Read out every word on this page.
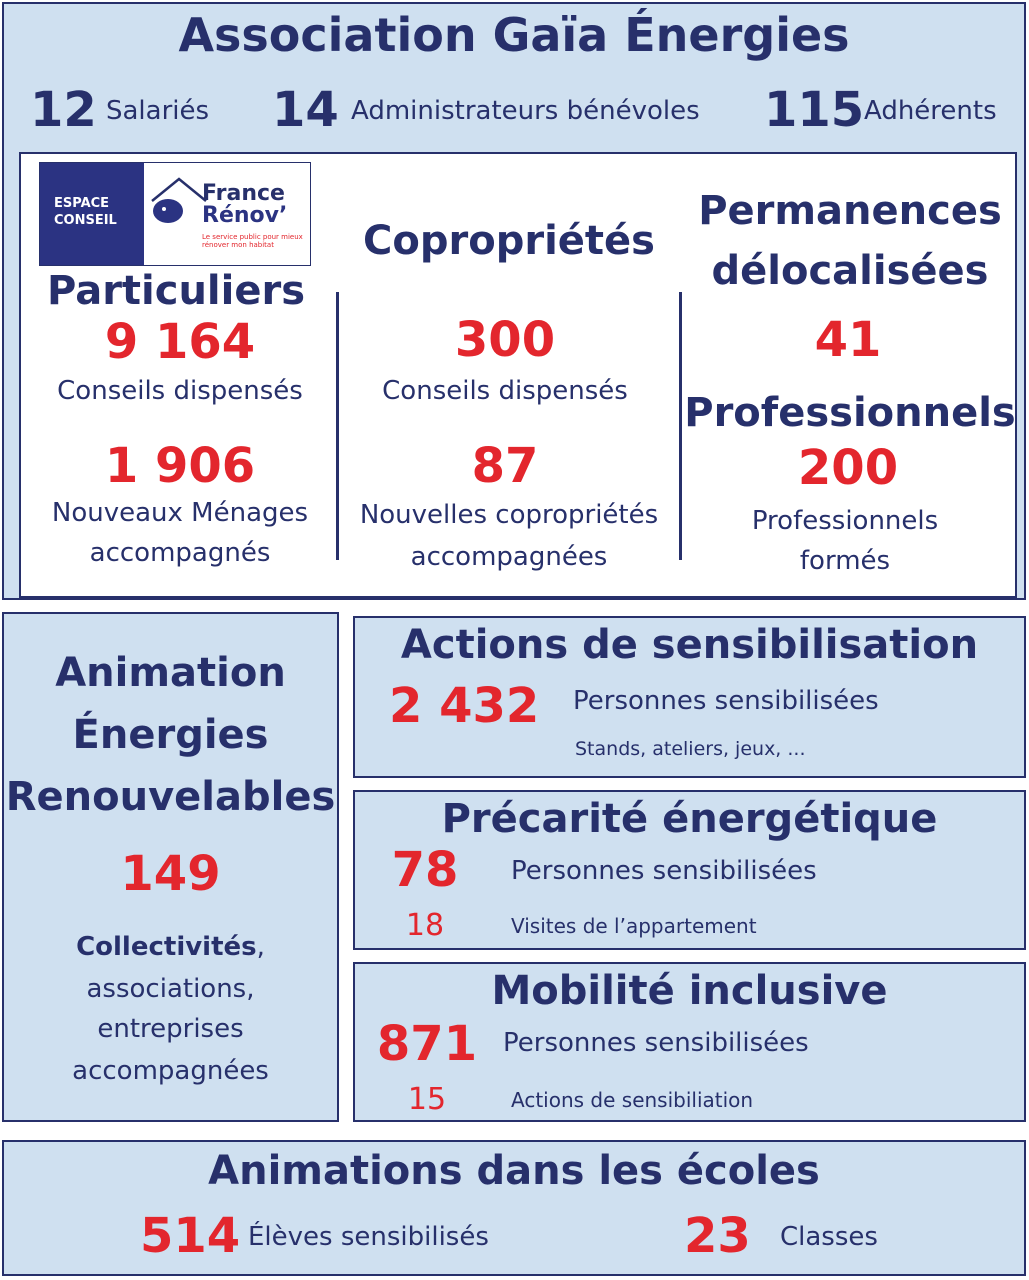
Association Gaïa Énergies
12 Salariés 14 Administrateurs bénévoles 115 Adhérents
ESPACE
CONSEIL
France
Rénov’
Le service public pour mieux
rénover mon habitat
Particuliers
9 164
Conseils dispensés
1 906
Nouveaux Ménages
accompagnés
Copropriétés
300
Conseils dispensés
87
Nouvelles copropriétés
accompagnées
Permanences
délocalisées
41
Professionnels
200
Professionnels
formés
Animation
Énergies
Renouvelables
149
Collectivités,
associations,
entreprises
accompagnées
Actions de sensibilisation
2 432 Personnes sensibilisées
Stands, ateliers, jeux, ...
Précarité énergétique
78 Personnes sensibilisées
18	Visites de l’appartement
Mobilité inclusive
871 Personnes sensibilisées
15	Actions de sensibiliation
Animations dans les écoles
514 Élèves sensibilisés	23 Classes
